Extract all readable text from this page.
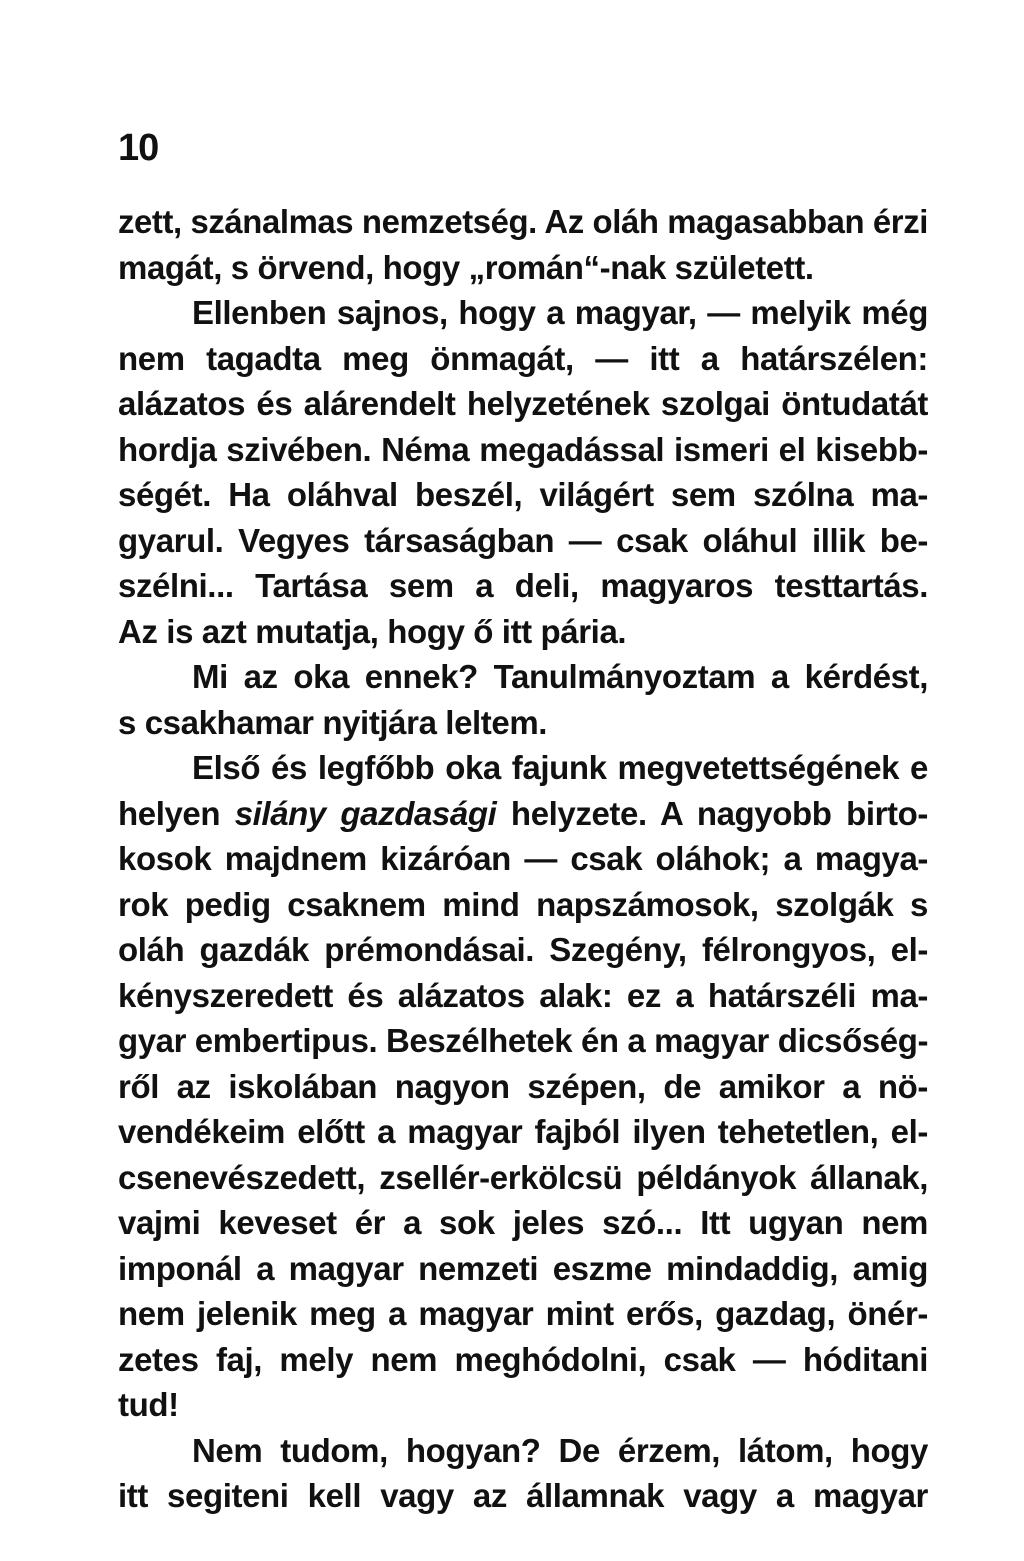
10
zett, szánalmas nemzetség. Az oláh magasabban érzi
magát, s örvend, hogy „román“-nak született.
Ellenben sajnos, hogy a magyar, — melyik még
nem tagadta meg önmagát, — itt a határszélen:
alázatos és alárendelt helyzetének szolgai öntudatát
hordja szivében. Néma megadással ismeri el kisebb-
ségét. Ha oláhval beszél, világért sem szólna ma-
gyarul. Vegyes társaságban — csak oláhul illik be-
szélni... Tartása sem a deli, magyaros testtartás.
Az is azt mutatja, hogy ő itt pária.
Mi az oka ennek? Tanulmányoztam a kérdést,
s csakhamar nyitjára leltem.
Első és legfőbb oka fajunk megvetettségének e
helyen silány gazdasági helyzete. A nagyobb birto-
kosok majdnem kizáróan — csak oláhok; a magya-
rok pedig csaknem mind napszámosok, szolgák s
oláh gazdák prémondásai. Szegény, félrongyos, el-
kényszeredett és alázatos alak: ez a határszéli ma-
gyar embertipus. Beszélhetek én a magyar dicsőség-
ről az iskolában nagyon szépen, de amikor a nö-
vendékeim előtt a magyar fajból ilyen tehetetlen, el-
csenevészedett, zsellér-erkölcsü példányok állanak,
vajmi keveset ér a sok jeles szó... Itt ugyan nem
imponál a magyar nemzeti eszme mindaddig, amig
nem jelenik meg a magyar mint erős, gazdag, önér-
zetes faj, mely nem meghódolni, csak — hóditani
tud!
Nem tudom, hogyan? De érzem, látom, hogy
itt segiteni kell vagy az államnak vagy a magyar
